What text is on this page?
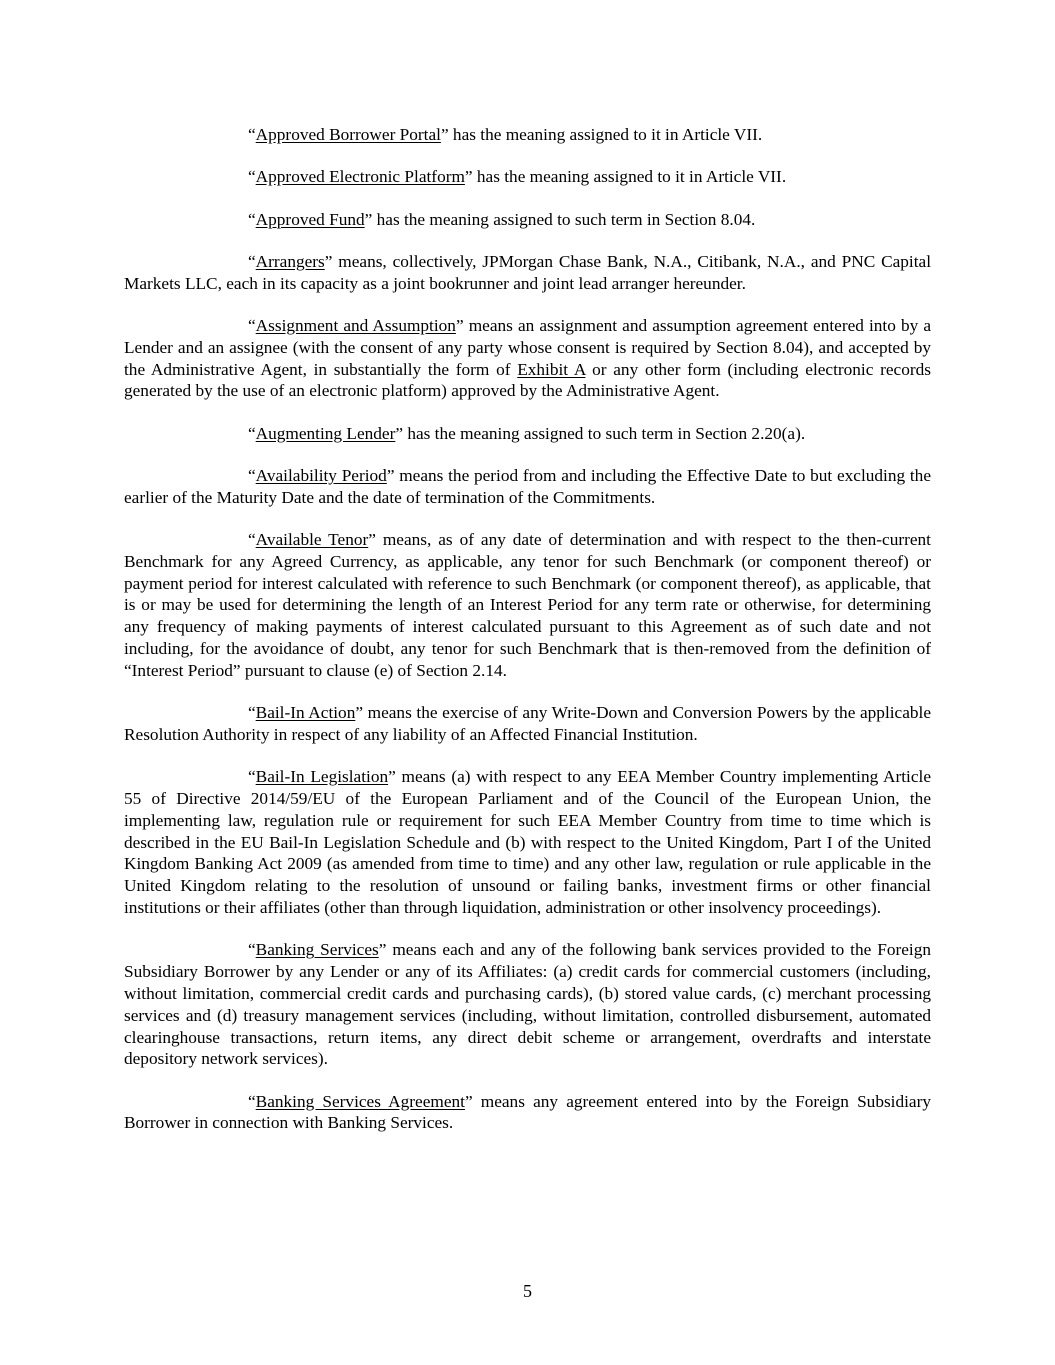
“Approved Borrower Portal” has the meaning assigned to it in Article VII.

“Approved Electronic Platform” has the meaning assigned to it in Article VII.

“Approved Fund” has the meaning assigned to such term in Section 8.04.

“Arrangers” means, collectively, JPMorgan Chase Bank, N.A., Citibank, N.A., and PNC Capital Markets LLC, each in its capacity as a joint bookrunner and joint lead arranger hereunder.

“Assignment and Assumption” means an assignment and assumption agreement entered into by a Lender and an assignee (with the consent of any party whose consent is required by Section 8.04), and accepted by the Administrative Agent, in substantially the form of Exhibit A or any other form (including electronic records generated by the use of an electronic platform) approved by the Administrative Agent.

“Augmenting Lender” has the meaning assigned to such term in Section 2.20(a).

“Availability Period” means the period from and including the Effective Date to but excluding the earlier of the Maturity Date and the date of termination of the Commitments.

“Available Tenor” means, as of any date of determination and with respect to the then-current Benchmark for any Agreed Currency, as applicable, any tenor for such Benchmark (or component thereof) or payment period for interest calculated with reference to such Benchmark (or component thereof), as applicable, that is or may be used for determining the length of an Interest Period for any term rate or otherwise, for determining any frequency of making payments of interest calculated pursuant to this Agreement as of such date and not including, for the avoidance of doubt, any tenor for such Benchmark that is then-removed from the definition of “Interest Period” pursuant to clause (e) of Section 2.14.

“Bail-In Action” means the exercise of any Write-Down and Conversion Powers by the applicable Resolution Authority in respect of any liability of an Affected Financial Institution.

“Bail-In Legislation” means (a) with respect to any EEA Member Country implementing Article 55 of Directive 2014/59/EU of the European Parliament and of the Council of the European Union, the implementing law, regulation rule or requirement for such EEA Member Country from time to time which is described in the EU Bail-In Legislation Schedule and (b) with respect to the United Kingdom, Part I of the United Kingdom Banking Act 2009 (as amended from time to time) and any other law, regulation or rule applicable in the United Kingdom relating to the resolution of unsound or failing banks, investment firms or other financial institutions or their affiliates (other than through liquidation, administration or other insolvency proceedings).

“Banking Services” means each and any of the following bank services provided to the Foreign Subsidiary Borrower by any Lender or any of its Affiliates: (a) credit cards for commercial customers (including, without limitation, commercial credit cards and purchasing cards), (b) stored value cards, (c) merchant processing services and (d) treasury management services (including, without limitation, controlled disbursement, automated clearinghouse transactions, return items, any direct debit scheme or arrangement, overdrafts and interstate depository network services).

“Banking Services Agreement” means any agreement entered into by the Foreign Subsidiary Borrower in connection with Banking Services.

5
